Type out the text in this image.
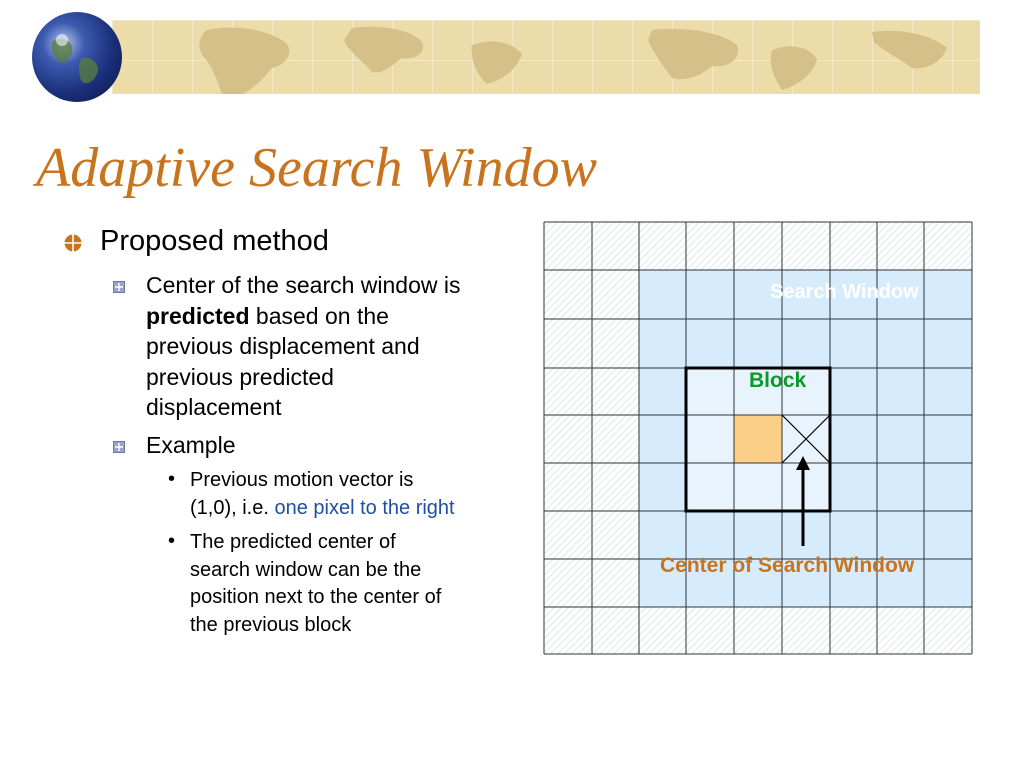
Adaptive Search Window
Proposed method
Center of the search window is
predicted based on the
previous displacement and
previous predicted
displacement
Example
• Previous motion vector is
(1,0), i.e. one pixel to the right
• The predicted center of
search window can be the
position next to the center of
the previous block
Search Window
Block
Center of Search Window
